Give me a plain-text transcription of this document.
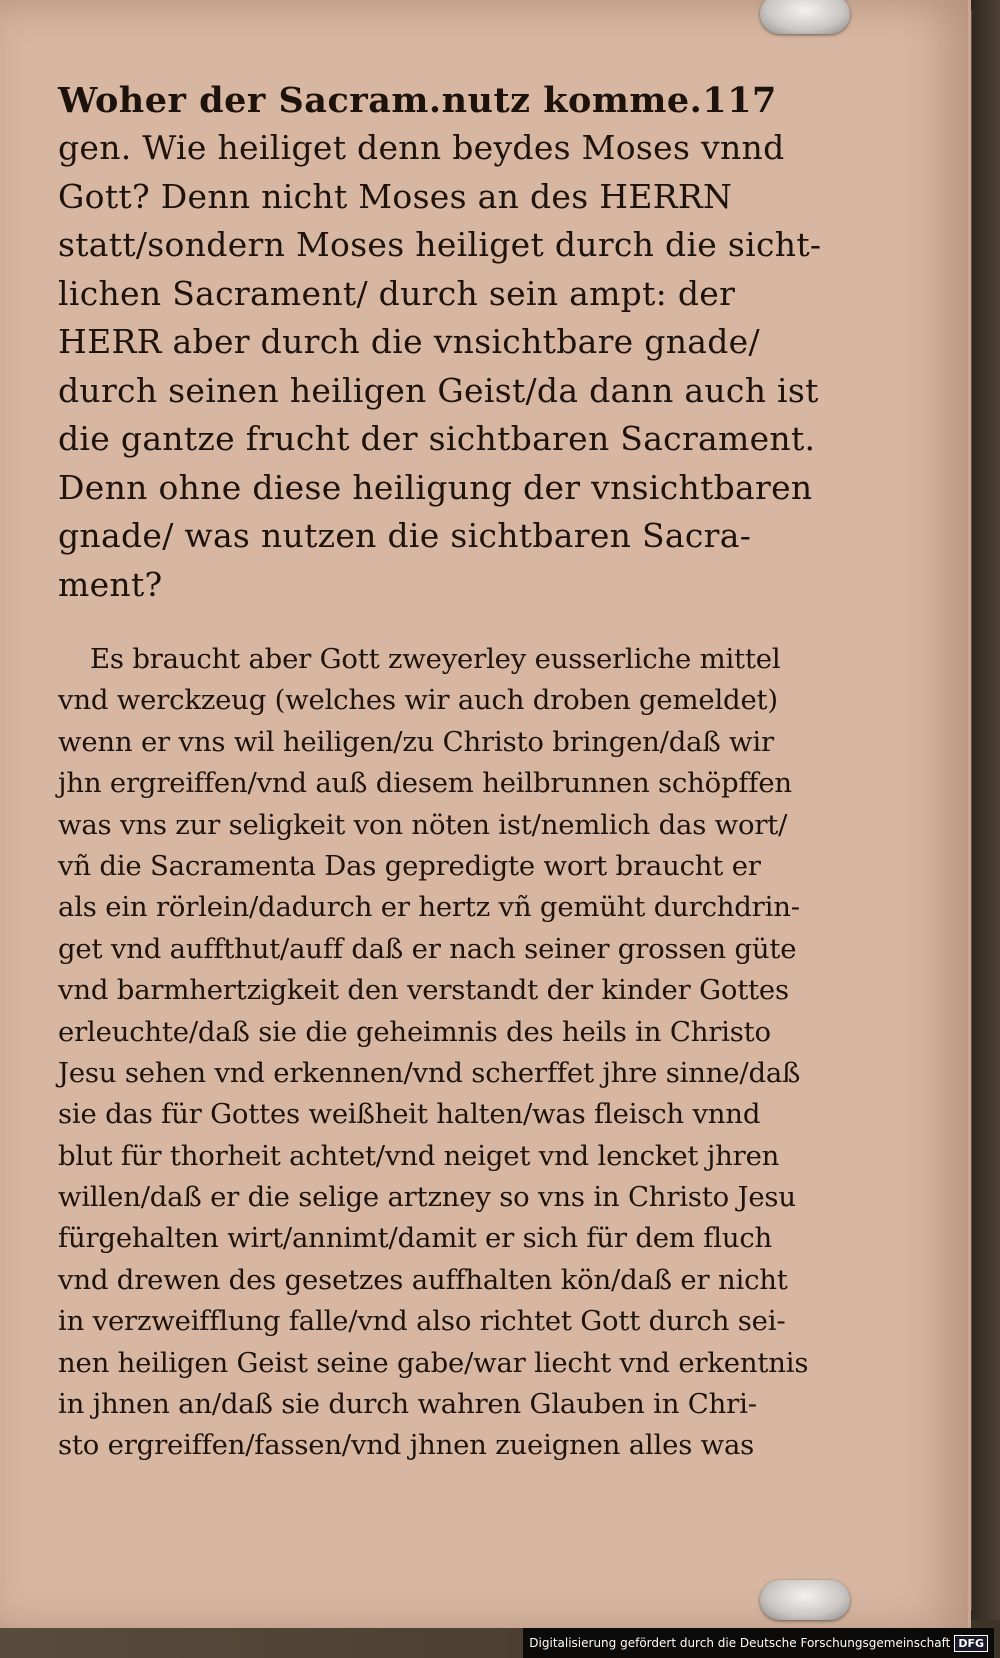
Woher der Sacram.nutz komme. 117
gen. Wie heiliget denn beydes Moses vnnd
Gott? Denn nicht Moses an des HERRN
statt/sondern Moses heiliget durch die sicht-
lichen Sacrament/ durch sein ampt: der
HERR aber durch die vnsichtbare gnade/
durch seinen heiligen Geist/da dann auch ist
die gantze frucht der sichtbaren Sacrament.
Denn ohne diese heiligung der vnsichtbaren
gnade/ was nutzen die sichtbaren Sacra-
ment?
Es braucht aber Gott zweyerley eusserliche mittel
vnd werckzeug (welches wir auch droben gemeldet)
wenn er vns wil heiligen/zu Christo bringen/daß wir
jhn ergreiffen/vnd auß diesem heilbrunnen schöpffen
was vns zur seligkeit von nöten ist/nemlich das wort/
vñ die Sacramenta Das gepredigte wort braucht er
als ein rörlein/dadurch er hertz vñ gemüht durchdrin-
get vnd auffthut/auff daß er nach seiner grossen güte
vnd barmhertzigkeit den verstandt der kinder Gottes
erleuchte/daß sie die geheimnis des heils in Christo
Jesu sehen vnd erkennen/vnd scherffet jhre sinne/daß
sie das für Gottes weißheit halten/was fleisch vnnd
blut für thorheit achtet/vnd neiget vnd lencket jhren
willen/daß er die selige artzney so vns in Christo Jesu
fürgehalten wirt/annimt/damit er sich für dem fluch
vnd drewen des gesetzes auffhalten kön/daß er nicht
in verzweifflung falle/vnd also richtet Gott durch sei-
nen heiligen Geist seine gabe/war liecht vnd erkentnis
in jhnen an/daß sie durch wahren Glauben in Chri-
sto ergreiffen/fassen/vnd jhnen zueignen alles was
Digitalisierung gefördert durch die Deutsche Forschungsgemeinschaft DFG
